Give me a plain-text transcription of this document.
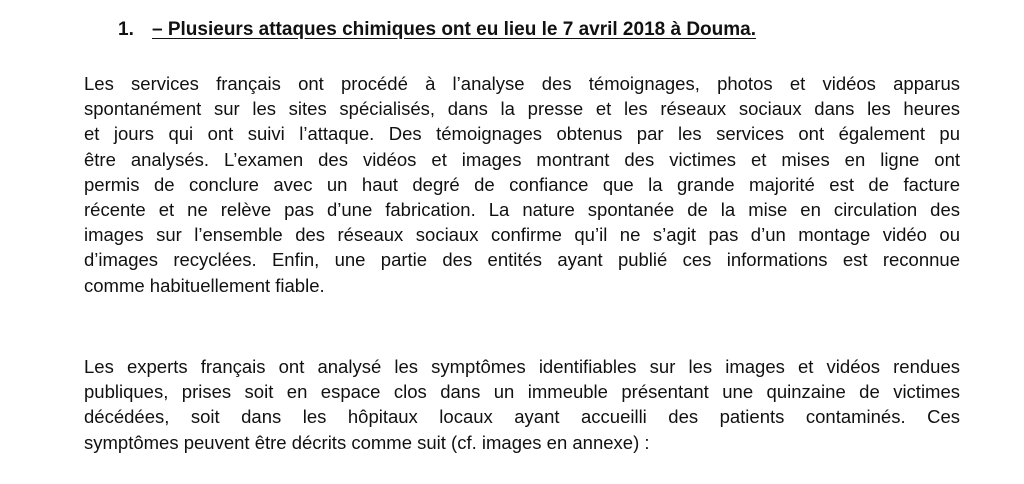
1. – Plusieurs attaques chimiques ont eu lieu le 7 avril 2018 à Douma.

Les services français ont procédé à l’analyse des témoignages, photos et vidéos apparus
spontanément sur les sites spécialisés, dans la presse et les réseaux sociaux dans les heures
et jours qui ont suivi l’attaque. Des témoignages obtenus par les services ont également pu
être analysés. L’examen des vidéos et images montrant des victimes et mises en ligne ont
permis de conclure avec un haut degré de confiance que la grande majorité est de facture
récente et ne relève pas d’une fabrication. La nature spontanée de la mise en circulation des
images sur l’ensemble des réseaux sociaux confirme qu’il ne s’agit pas d’un montage vidéo ou
d’images recyclées. Enfin, une partie des entités ayant publié ces informations est reconnue
comme habituellement fiable.

Les experts français ont analysé les symptômes identifiables sur les images et vidéos rendues
publiques, prises soit en espace clos dans un immeuble présentant une quinzaine de victimes
décédées, soit dans les hôpitaux locaux ayant accueilli des patients contaminés. Ces
symptômes peuvent être décrits comme suit (cf. images en annexe) :
